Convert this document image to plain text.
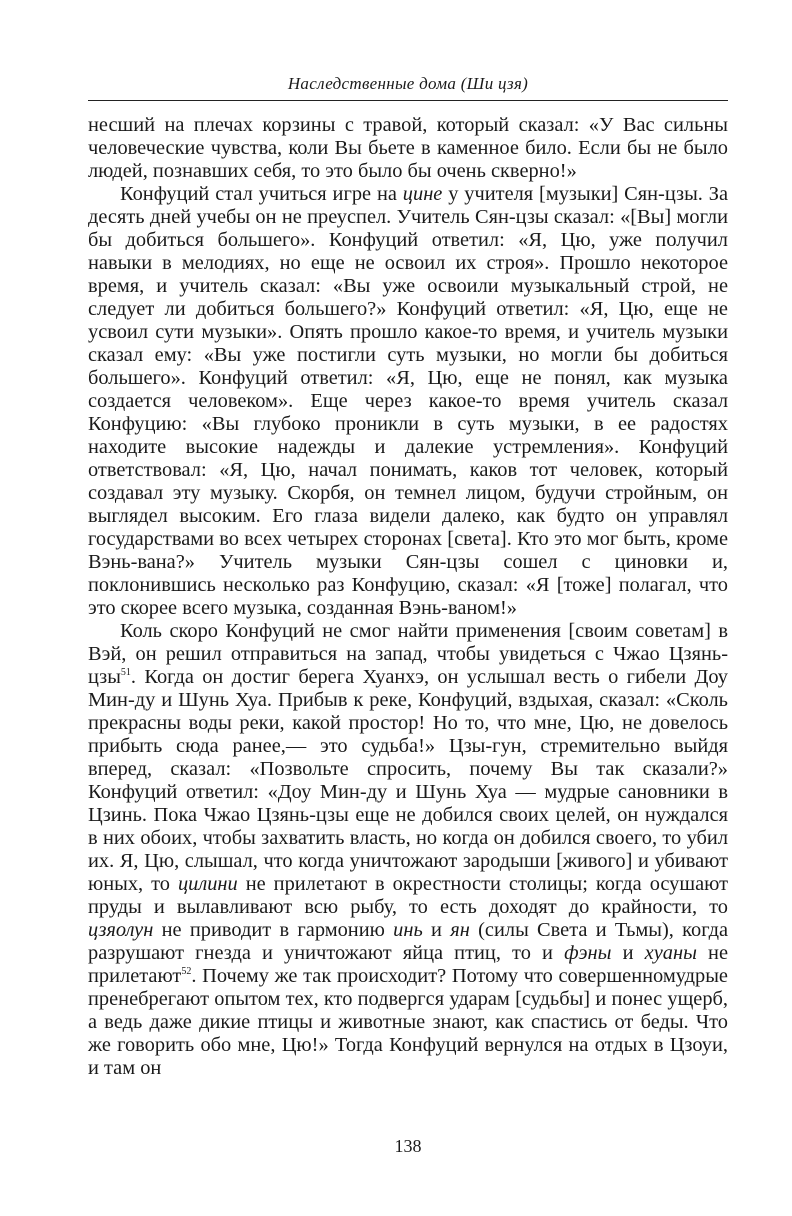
Наследственные дома (Ши цзя)

несший на плечах корзины с травой, который сказал: «У Вас сильны человеческие чувства, коли Вы бьете в каменное било. Если бы не было людей, познавших себя, то это было бы очень скверно!»

Конфуций стал учиться игре на цине у учителя [музыки] Сян-цзы. За десять дней учебы он не преуспел. Учитель Сян-цзы сказал: «[Вы] могли бы добиться большего». Конфуций ответил: «Я, Цю, уже получил навыки в мелодиях, но еще не освоил их строя». Прошло некоторое время, и учитель сказал: «Вы уже освоили музыкальный строй, не следует ли добиться большего?» Конфуций ответил: «Я, Цю, еще не усвоил сути музыки». Опять прошло какое-то время, и учитель музыки сказал ему: «Вы уже постигли суть музыки, но могли бы добиться большего». Конфуций ответил: «Я, Цю, еще не понял, как музыка создается человеком». Еще через какое-то время учитель сказал Конфуцию: «Вы глубоко проникли в суть музыки, в ее радостях находите высокие надежды и далекие устремления». Конфуций ответствовал: «Я, Цю, начал понимать, каков тот человек, который создавал эту музыку. Скорбя, он темнел лицом, будучи стройным, он выглядел высоким. Его глаза видели далеко, как будто он управлял государствами во всех четырех сторонах [света]. Кто это мог быть, кроме Вэнь-вана?» Учитель музыки Сян-цзы сошел с циновки и, поклонившись несколько раз Конфуцию, сказал: «Я [тоже] полагал, что это скорее всего музыка, созданная Вэнь-ваном!»

Коль скоро Конфуций не смог найти применения [своим советам] в Вэй, он решил отправиться на запад, чтобы увидеться с Чжао Цзянь-цзы$^{51}$. Когда он достиг берега Хуанхэ, он услышал весть о гибели Доу Мин-ду и Шунь Хуа. Прибыв к реке, Конфуций, вздыхая, сказал: «Сколь прекрасны воды реки, какой простор! Но то, что мне, Цю, не довелось прибыть сюда ранее,— это судьба!» Цзы-гун, стремительно выйдя вперед, сказал: «Позвольте спросить, почему Вы так сказали?» Конфуций ответил: «Доу Мин-ду и Шунь Хуа — мудрые сановники в Цзинь. Пока Чжао Цзянь-цзы еще не добился своих целей, он нуждался в них обоих, чтобы захватить власть, но когда он добился своего, то убил их. Я, Цю, слышал, что когда уничтожают зародыши [живого] и убивают юных, то цилини не прилетают в окрестности столицы; когда осушают пруды и вылавливают всю рыбу, то есть доходят до крайности, то цзяолун не приводит в гармонию инь и ян (силы Света и Тьмы), когда разрушают гнезда и уничтожают яйца птиц, то и фэны и хуаны не прилетают$^{52}$. Почему же так происходит? Потому что совершенномудрые пренебрегают опытом тех, кто подвергся ударам [судьбы] и понес ущерб, а ведь даже дикие птицы и животные знают, как спастись от беды. Что же говорить обо мне, Цю!» Тогда Конфуций вернулся на отдых в Цзоуи, и там он

138
